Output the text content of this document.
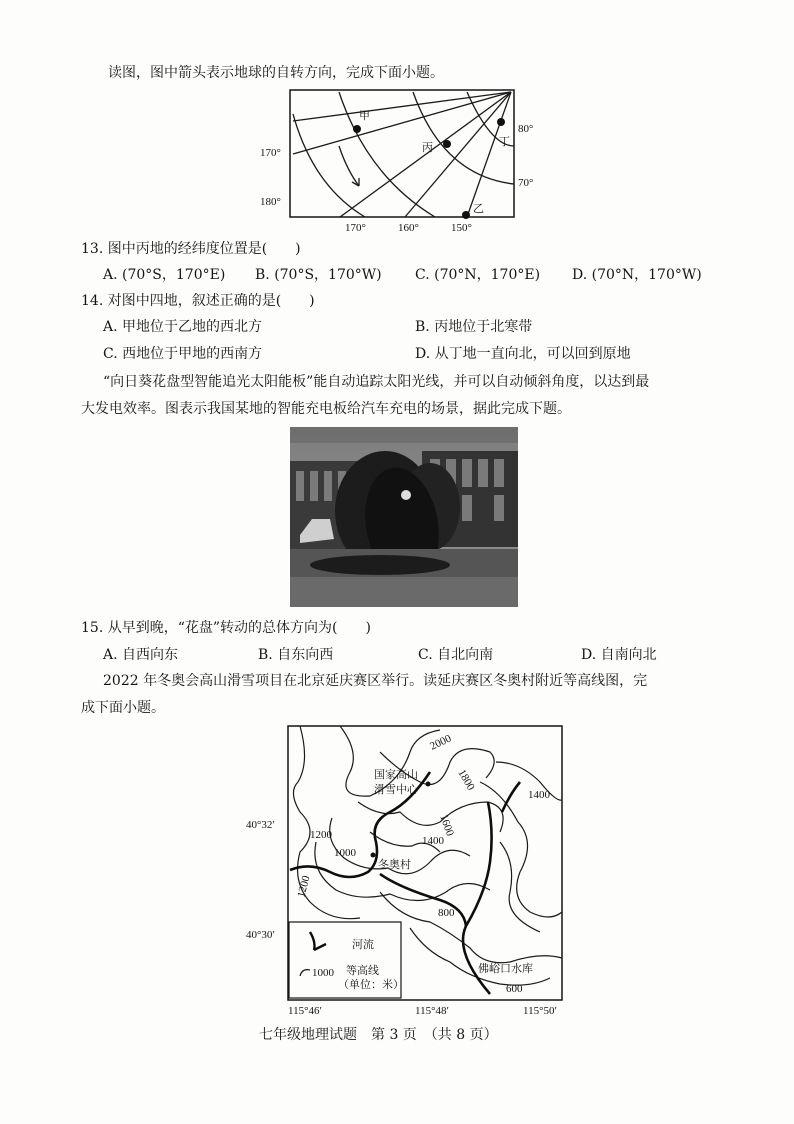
读图，图中箭头表示地球的自转方向，完成下面小题。
甲
丙
乙
丁
170°
180°
170°	160°	150°
80°
70°
13. 图中丙地的经纬度位置是(　　)
A. (70°S，170°E) B. (70°S，170°W) C. (70°N，170°E) D. (70°N，170°W)
14. 对图中四地，叙述正确的是(　　)
A. 甲地位于乙地的西北方	B. 丙地位于北寒带
C. 西地位于甲地的西南方	D. 从丁地一直向北，可以回到原地
“向日葵花盘型智能追光太阳能板”能自动追踪太阳光线，并可以自动倾斜角度，以达到最
大发电效率。图表示我国某地的智能充电板给汽车充电的场景，据此完成下题。
15. 从早到晚，“花盘”转动的总体方向为(　　)
A. 自西向东	B. 自东向西	C. 自北向南	D. 自南向北
2022 年冬奥会高山滑雪项目在北京延庆赛区举行。读延庆赛区冬奥村附近等高线图，完
成下面小题。
2000
1800
1600
1400
1400
1200
1000
1200
800
600
国家高山
滑雪中心
冬奥村
佛峪口水库
河流
1000 等高线
（单位：米）
40°32′
40°30′
115°46′	115°48′	115°50′
七年级地理试题　第 3 页　（共 8 页）
